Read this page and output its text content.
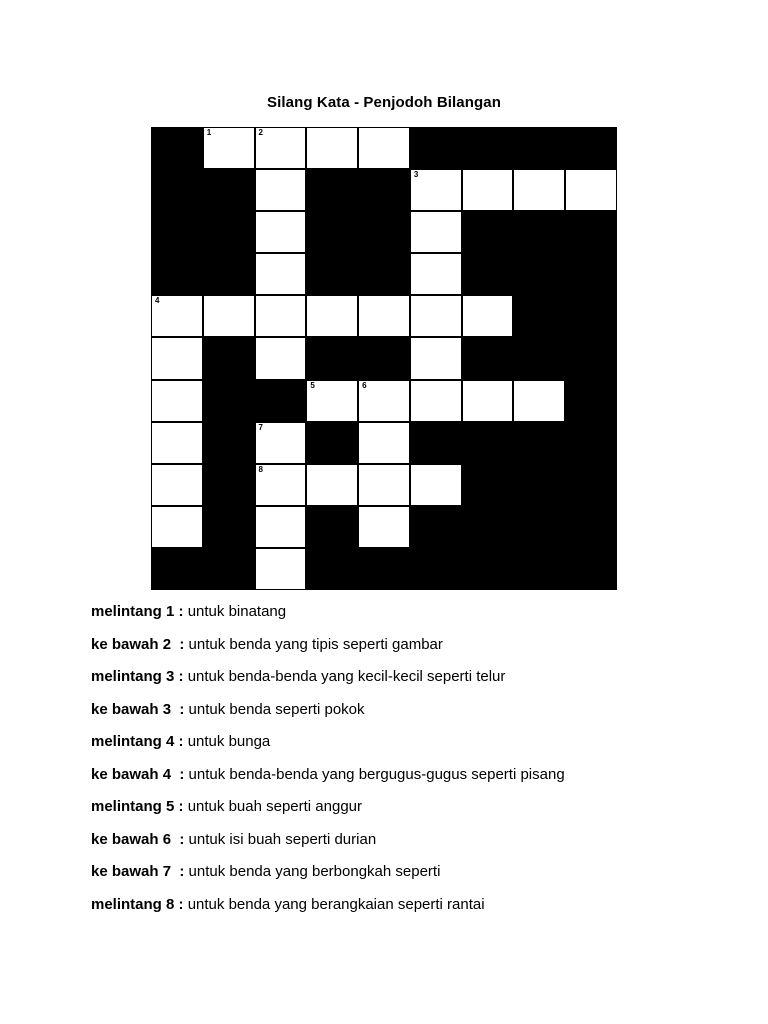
Silang Kata - Penjodoh Bilangan
1	2
3
4
5	6
7
8
melintang 1 : untuk binatang
ke bawah 2  : untuk benda yang tipis seperti gambar
melintang 3 : untuk benda-benda yang kecil-kecil seperti telur
ke bawah 3  : untuk benda seperti pokok
melintang 4 : untuk bunga
ke bawah 4  : untuk benda-benda yang bergugus-gugus seperti pisang
melintang 5 : untuk buah seperti anggur
ke bawah 6  : untuk isi buah seperti durian
ke bawah 7  : untuk benda yang berbongkah seperti
melintang 8 : untuk benda yang berangkaian seperti rantai
